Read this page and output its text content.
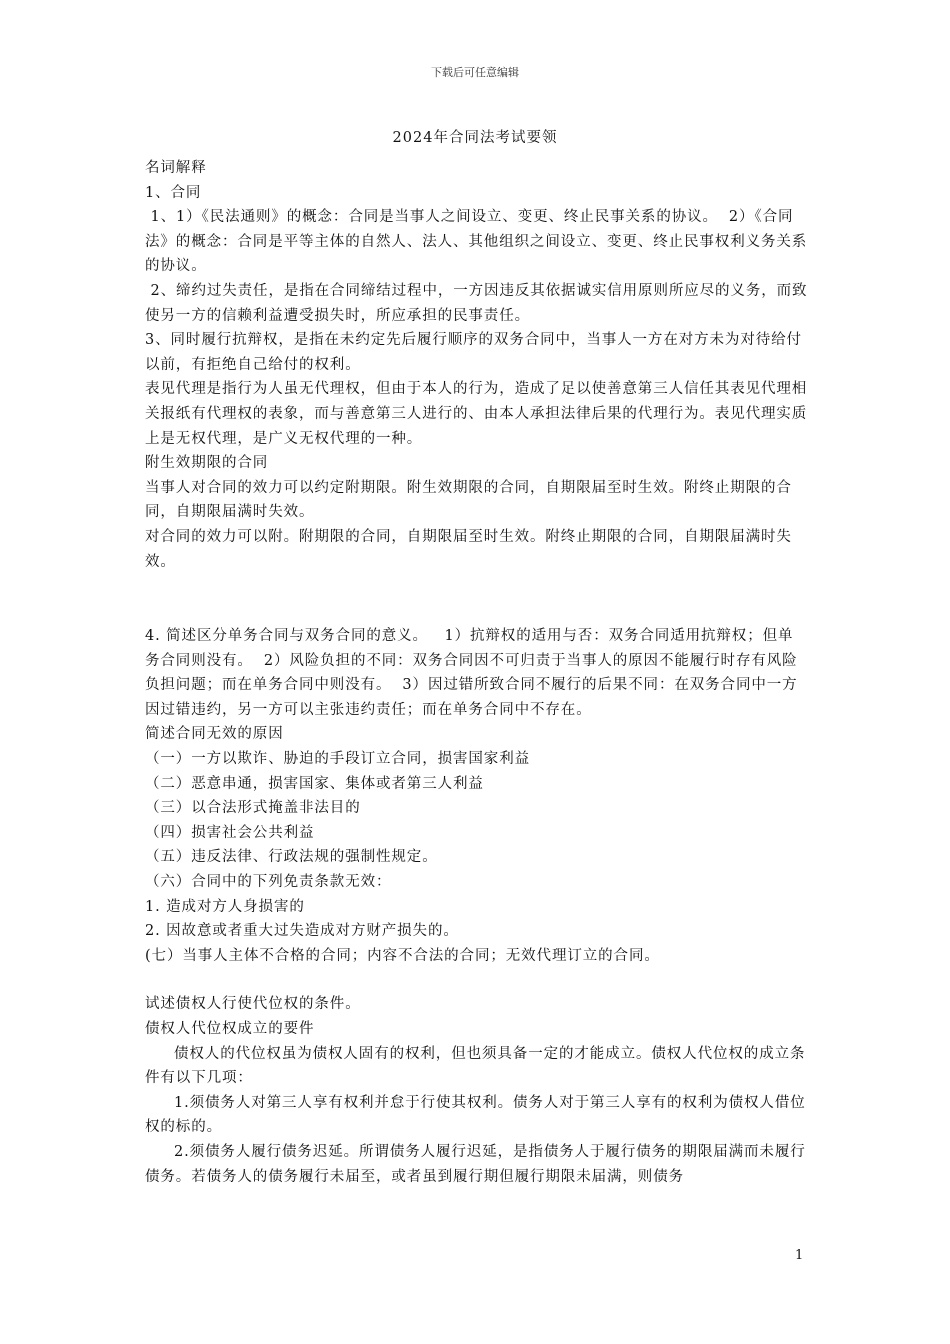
下载后可任意编辑
2024年合同法考试要领

名词解释

1、合同

1、1）《民法通则》的概念：合同是当事人之间设立、变更、终止民事关系的协议。  2）《合同法》的概念：合同是平等主体的自然人、法人、其他组织之间设立、变更、终止民事权利义务关系的协议。

2、缔约过失责任，是指在合同缔结过程中，一方因违反其依据诚实信用原则所应尽的义务，而致使另一方的信赖利益遭受损失时，所应承担的民事责任。

3、同时履行抗辩权，是指在未约定先后履行顺序的双务合同中，当事人一方在对方未为对待给付以前，有拒绝自己给付的权利。

表见代理是指行为人虽无代理权，但由于本人的行为，造成了足以使善意第三人信任其表见代理相关报纸有代理权的表象，而与善意第三人进行的、由本人承担法律后果的代理行为。表见代理实质上是无权代理，是广义无权代理的一种。

附生效期限的合同

当事人对合同的效力可以约定附期限。附生效期限的合同，自期限届至时生效。附终止期限的合同，自期限届满时失效。

对合同的效力可以附。附期限的合同，自期限届至时生效。附终止期限的合同，自期限届满时失效。

4. 简述区分单务合同与双务合同的意义。   1）抗辩权的适用与否：双务合同适用抗辩权；但单务合同则没有。  2）风险负担的不同：双务合同因不可归责于当事人的原因不能履行时存有风险负担问题；而在单务合同中则没有。  3）因过错所致合同不履行的后果不同：在双务合同中一方因过错违约，另一方可以主张违约责任；而在单务合同中不存在。

简述合同无效的原因

（一）一方以欺诈、胁迫的手段订立合同，损害国家利益

（二）恶意串通，损害国家、集体或者第三人利益

（三）以合法形式掩盖非法目的

（四）损害社会公共利益

（五）违反法律、行政法规的强制性规定。

（六）合同中的下列免责条款无效：

1. 造成对方人身损害的

2. 因故意或者重大过失造成对方财产损失的。

(七）当事人主体不合格的合同；内容不合法的合同；无效代理订立的合同。

试述债权人行使代位权的条件。

债权人代位权成立的要件

债权人的代位权虽为债权人固有的权利，但也须具备一定的才能成立。债权人代位权的成立条件有以下几项：

1.须债务人对第三人享有权利并怠于行使其权利。债务人对于第三人享有的权利为债权人借位权的标的。

2.须债务人履行债务迟延。所谓债务人履行迟延，是指债务人于履行债务的期限届满而未履行债务。若债务人的债务履行未届至，或者虽到履行期但履行期限未届满，则债务

1
